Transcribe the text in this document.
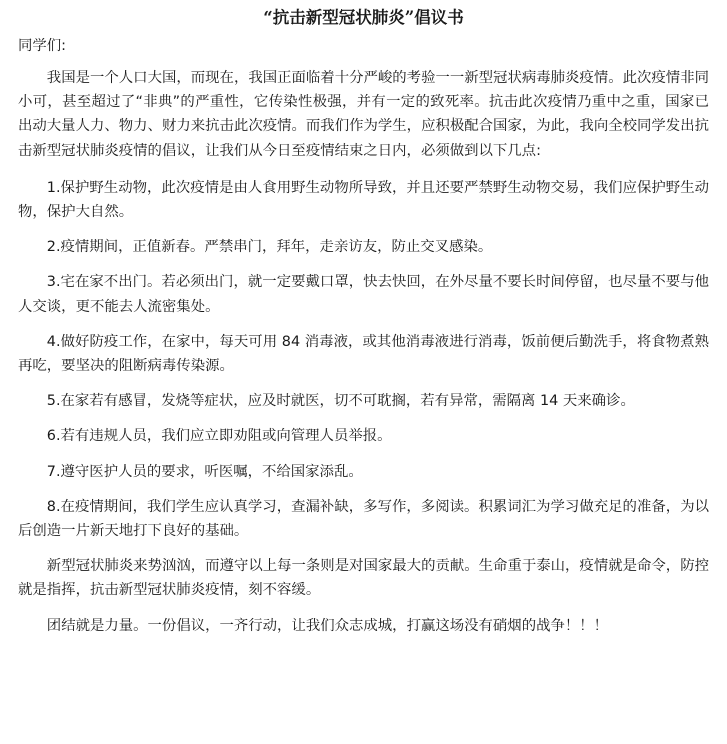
“抗击新型冠状肺炎”倡议书
同学们:

我国是一个人口大国，而现在，我国正面临着十分严峻的考验一一新型冠状病毒肺炎疫情。此次疫情非同小可，甚至超过了“非典”的严重性，它传染性极强，并有一定的致死率。抗击此次疫情乃重中之重，国家已出动大量人力、物力、财力来抗击此次疫情。而我们作为学生，应积极配合国家，为此，我向全校同学发出抗击新型冠状肺炎疫情的倡议，让我们从今日至疫情结束之日内，必须做到以下几点:

1.保护野生动物，此次疫情是由人食用野生动物所导致，并且还要严禁野生动物交易，我们应保护野生动物，保护大自然。

2.疫情期间，正值新春。严禁串门，拜年，走亲访友，防止交叉感染。

3.宅在家不出门。若必须出门，就一定要戴口罩，快去快回，在外尽量不要长时间停留，也尽量不要与他人交谈，更不能去人流密集处。

4.做好防疫工作，在家中，每天可用 84 消毒液，或其他消毒液进行消毒，饭前便后勤洗手，将食物煮熟再吃，要坚决的阻断病毒传染源。

5.在家若有感冒，发烧等症状，应及时就医，切不可耽搁，若有异常，需隔离 14 天来确诊。

6.若有违规人员，我们应立即劝阻或向管理人员举报。

7.遵守医护人员的要求，听医嘱，不给国家添乱。

8.在疫情期间，我们学生应认真学习，查漏补缺，多写作，多阅读。积累词汇为学习做充足的准备，为以后创造一片新天地打下良好的基础。

新型冠状肺炎来势汹汹，而遵守以上每一条则是对国家最大的贡献。生命重于泰山，疫情就是命令，防控就是指挥，抗击新型冠状肺炎疫情，刻不容缓。

团结就是力量。一份倡议，一齐行动，让我们众志成城，打赢这场没有硝烟的战争！！！
